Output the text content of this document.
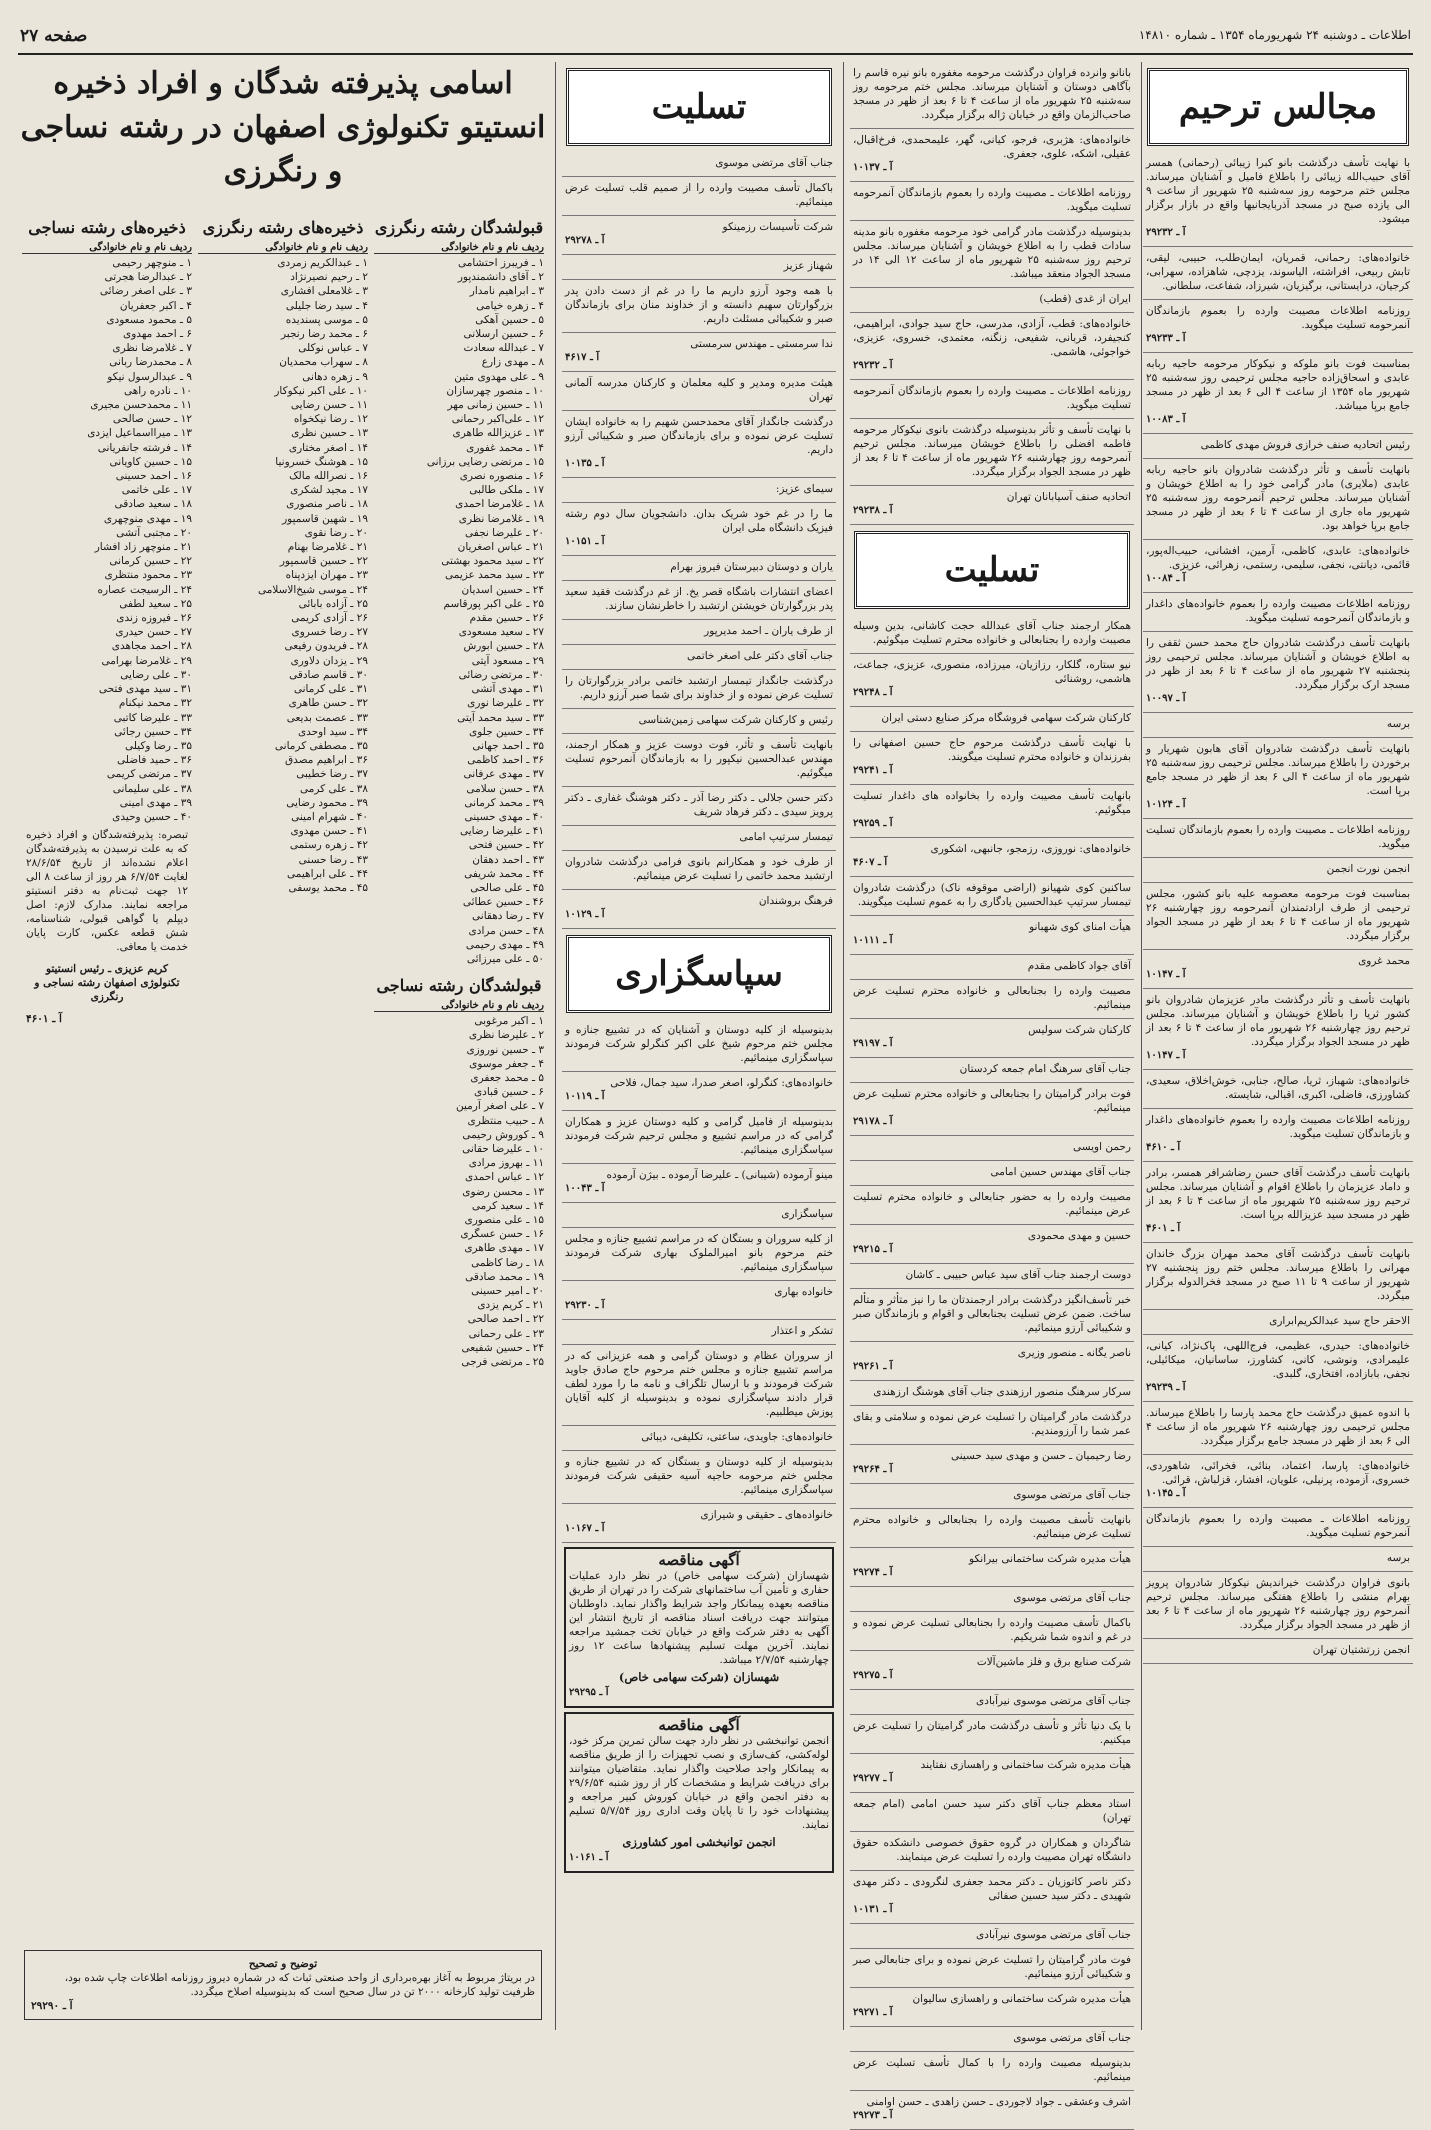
اطلاعات ـ دوشنبه ۲۴ شهریورماه ۱۳۵۴ ـ شماره ۱۴۸۱۰
صفحه ۲۷
مجالس ترحیم
با نهایت تأسف درگذشت بانو کبرا زیبائی (رحمانی) همسر آقای حبیب‌الله زیبائی را باطلاع فامیل و آشنایان میرساند. مجلس ختم مرحومه روز سه‌شنبه ۲۵ شهریور از ساعت ۹ الی یازده صبح در مسجد آذربایجانیها واقع در بازار برگزار میشود.
آ ـ ۲۹۲۳۲
خانواده‌های: رحمانی، قمریان، ایمان‌طلب، حبیبی، لیقی، تابش ربیعی، افراشته، الیاسوند، یزدچی، شاهزاده، سهرابی، کرجیان، درایستانی، برگیزیان، شیرزاد، شفاعت، سلطانی.
روزنامه اطلاعات مصیبت وارده را بعموم بازماندگان آنمرحومه تسلیت میگوید.
آ ـ ۲۹۲۳۳
بمناسبت فوت بانو ملوکه و نیکوکار مرحومه حاجیه ربابه عابدی و اسحاق‌زاده حاجیه مجلس ترحیمی روز سه‌شنبه ۲۵ شهریور ماه ۱۳۵۴ از ساعت ۴ الی ۶ بعد از ظهر در مسجد جامع برپا میباشد.
آ ـ ۱۰۰۸۳
رئیس اتحادیه صنف خرازی فروش مهدی کاظمی
بانهایت تأسف و تأثر درگذشت شادروان بانو حاجیه ربابه عابدی (ملایری) مادر گرامی خود را به اطلاع خویشان و آشنایان میرساند. مجلس ترحیم آنمرحومه روز سه‌شنبه ۲۵ شهریور ماه جاری از ساعت ۴ تا ۶ بعد از ظهر در مسجد جامع برپا خواهد بود.
خانواده‌های: عابدی، کاظمی، آرمین، افشانی، حبیب‌اله‌پور، قائمی، دیانتی، نجفی، سلیمی، رستمی، زهرائی، عزیزی.
آ ـ ۱۰۰۸۴
روزنامه اطلاعات مصیبت وارده را بعموم خانواده‌های داغدار و بازماندگان آنمرحومه تسلیت میگوید.
بانهایت تأسف درگذشت شادروان حاج محمد حسن ثقفی را به اطلاع خویشان و آشنایان میرساند. مجلس ترحیمی روز پنجشنبه ۲۷ شهریور ماه از ساعت ۴ تا ۶ بعد از ظهر در مسجد ارک برگزار میگردد.
آ ـ ۱۰۰۹۷
برسه
بانهایت تأسف درگذشت شادروان آقای هابون شهریار و برخوردن را باطلاع میرساند. مجلس ترحیمی روز سه‌شنبه ۲۵ شهریور ماه از ساعت ۴ الی ۶ بعد از ظهر در مسجد جامع برپا است.
آ ـ ۱۰۱۲۴
روزنامه اطلاعات ـ مصیبت وارده را بعموم بازماندگان تسلیت میگوید.
انجمن نورت انجمن
بمناسبت فوت مرحومه معصومه علیه بانو کشور، مجلس ترحیمی از طرف ارادتمندان آنمرحومه روز چهارشنبه ۲۶ شهریور ماه از ساعت ۴ تا ۶ بعد از ظهر در مسجد الجواد برگزار میگردد.
محمد غروی
آ ـ ۱۰۱۴۷
بانهایت تأسف و تأثر درگذشت مادر عزیزمان شادروان بانو کشور ثریا را باطلاع خویشان و آشنایان میرساند. مجلس ترحیم روز چهارشنبه ۲۶ شهریور ماه از ساعت ۴ تا ۶ بعد از ظهر در مسجد الجواد برگزار میگردد.
آ ـ ۱۰۱۴۷
خانواده‌های: شهباز، ثریا، صالح، جنابی، خوش‌اخلاق، سعیدی، کشاورزی، فاضلی، اکبری، اقبالی، شایسته.
روزنامه اطلاعات مصیبت وارده را بعموم خانواده‌های داغدار و بازماندگان تسلیت میگوید.
آ ـ ۴۶۱۰
بانهایت تأسف درگذشت آقای حسن رضاشرافر همسر، برادر و داماد عزیزمان را باطلاع اقوام و آشنایان میرساند. مجلس ترحیم روز سه‌شنبه ۲۵ شهریور ماه از ساعت ۴ تا ۶ بعد از ظهر در مسجد سید عزیزالله برپا است.
آ ـ ۴۶۰۱
بانهایت تأسف درگذشت آقای محمد مهران بزرگ خاندان مهرانی را باطلاع میرساند. مجلس ختم روز پنجشنبه ۲۷ شهریور از ساعت ۹ تا ۱۱ صبح در مسجد فخرالدوله برگزار میگردد.
الاحقر حاج سید عبدالکریم‌ابراری
خانواده‌های: حیدری، عظیمی، فرج‌اللهی، پاک‌نژاد، کیانی، علیمرادی، ونوشی، کانی، کشاورز، ساسانیان، میکائیلی، نجفی، بابازاده، افتخاری، گلبدی.
آ ـ ۲۹۲۳۹
با اندوه عمیق درگذشت حاج محمد پارسا را باطلاع میرساند. مجلس ترحیمی روز چهارشنبه ۲۶ شهریور ماه از ساعت ۴ الی ۶ بعد از ظهر در مسجد جامع برگزار میگردد.
خانواده‌های: پارسا، اعتماد، بنائی، فخرائی، شاهوردی، خسروی، آزموده، پرنیلی، علویان، افشار، قزلباش، قرائی.
آ ـ ۱۰۱۴۵
روزنامه اطلاعات ـ مصیبت وارده را بعموم بازماندگان آنمرحوم تسلیت میگوید.
برسه
بانوی فراوان درگذشت خیراندیش نیکوکار شادروان پرویز بهرام منشی را باطلاع هفتگی میرساند. مجلس ترحیم آنمرحوم روز چهارشنبه ۲۶ شهریور ماه از ساعت ۴ تا ۶ بعد از ظهر در مسجد الجواد برگزار میگردد.
انجمن زرتشتیان تهران
بانانو وانرده فراوان درگذشت مرحومه مغفوره بانو نیره قاسم را بآگاهی دوستان و آشنایان میرساند. مجلس ختم مرحومه روز سه‌شنبه ۲۵ شهریور ماه از ساعت ۴ تا ۶ بعد از ظهر در مسجد صاحب‌الزمان واقع در خیابان ژاله برگزار میگردد.
خانواده‌های: هژبری، فرجو، کیانی، گهر، علیمحمدی، فرخ‌اقبال، عقیلی، اشکه، علوی، جعفری.
آ ـ ۱۰۱۳۷
روزنامه اطلاعات ـ مصیبت وارده را بعموم بازماندگان آنمرحومه تسلیت میگوید.
بدینوسیله درگذشت مادر گرامی خود مرحومه مغفوره بانو مدینه سادات قطب را به اطلاع خویشان و آشنایان میرساند. مجلس ترحیم روز سه‌شنبه ۲۵ شهریور ماه از ساعت ۱۲ الی ۱۴ در مسجد الجواد منعقد میباشد.
ایران از غدی (قطب)
خانواده‌های: قطب، آزادی، مدرسی، حاج سید جوادی، ابراهیمی، کنجیفرد، قربانی، شفیعی، زنگنه، معتمدی، خسروی، عزیزی، خواجوئی، هاشمی.
آ ـ ۲۹۲۳۲
روزنامه اطلاعات ـ مصیبت وارده را بعموم بازماندگان آنمرحومه تسلیت میگوید.
با نهایت تأسف و تأثر بدینوسیله درگذشت بانوی نیکوکار مرحومه فاطمه افضلی را باطلاع خویشان میرساند. مجلس ترحیم آنمرحومه روز چهارشنبه ۲۶ شهریور ماه از ساعت ۴ تا ۶ بعد از ظهر در مسجد الجواد برگزار میگردد.
اتحادیه صنف آسیابانان تهران
آ ـ ۲۹۲۳۸
تسلیت
همکار ارجمند جناب آقای عبدالله حجت کاشانی، بدین وسیله مصیبت وارده را بجنابعالی و خانواده محترم تسلیت میگوئیم.
نیو ستاره، گلکار، رزازیان، میرزاده، منصوری، عزیزی، جماعت، هاشمی، روشنائی
آ ـ ۲۹۲۴۸
کارکنان شرکت سهامی فروشگاه مرکز صنایع دستی ایران
با نهایت تأسف درگذشت مرحوم حاج حسین اصفهانی را بفرزندان و خانواده محترم تسلیت میگویند.
آ ـ ۲۹۲۴۱
بانهایت تأسف مصیبت وارده را بخانواده های داغدار تسلیت میگوئیم.
آ ـ ۲۹۲۵۹
خانواده‌های: نوروزی، رزمجو، جانبهی، اشکوری
آ ـ ۴۶۰۷
ساکنین کوی شهیانو (اراضی موقوفه ناک) درگذشت شادروان تیمسار سرتیپ عبدالحسین یادگاری را به عموم تسلیت میگویند.
هیأت امنای کوی شهبانو
آ ـ ۱۰۱۱۱
آقای جواد کاظمی مقدم
مصیبت وارده را بجنابعالی و خانواده محترم تسلیت عرض مینمائیم.
کارکنان شرکت سولیس
آ ـ ۲۹۱۹۷
جناب آقای سرهنگ امام جمعه کردستان
فوت برادر گرامیتان را بجنابعالی و خانواده محترم تسلیت عرض مینمائیم.
آ ـ ۲۹۱۷۸
رحمن اویسی
جناب آقای مهندس حسین امامی
مصیبت وارده را به حضور جنابعالی و خانواده محترم تسلیت عرض مینمائیم.
حسین و مهدی محمودی
آ ـ ۲۹۲۱۵
دوست ارجمند جناب آقای سید عباس حبیبی ـ کاشان
خبر تأسف‌انگیز درگذشت برادر ارجمندتان ما را نیز متأثر و متألم ساخت. ضمن عرض تسلیت بجنابعالی و اقوام و بازماندگان صبر و شکیبائی آرزو مینمائیم.
ناصر یگانه ـ منصور وزیری
آ ـ ۲۹۲۶۱
سرکار سرهنگ منصور ارزهندی جناب آقای هوشنگ ارزهندی
درگذشت مادر گرامیتان را تسلیت عرض نموده و سلامتی و بقای عمر شما را آرزومندیم.
رضا رحیمیان ـ حسن و مهدی سید حسینی
آ ـ ۲۹۲۶۴
جناب آقای مرتضی موسوی
بانهایت تأسف مصیبت وارده را بجنابعالی و خانواده محترم تسلیت عرض مینمائیم.
هیأت مدیره شرکت ساختمانی بیرانکو
آ ـ ۲۹۲۷۴
جناب آقای مرتضی موسوی
باکمال تأسف مصیبت وارده را بجنابعالی تسلیت عرض نموده و در غم و اندوه شما شریکیم.
شرکت صنایع برق و فلز ماشین‌آلات
آ ـ ۲۹۲۷۵
جناب آقای مرتضی موسوی نیرآبادی
با یک دنیا تأثر و تأسف درگذشت مادر گرامیتان را تسلیت عرض میکنیم.
هیأت مدیره شرکت ساختمانی و راهسازی نفتایند
آ ـ ۲۹۲۷۷
استاد معظم جناب آقای دکتر سید حسن امامی (امام جمعه تهران)
شاگردان و همکاران در گروه حقوق خصوصی دانشکده حقوق دانشگاه تهران مصیبت وارده را تسلیت عرض مینمایند.
دکتر ناصر کاتوزیان ـ دکتر محمد جعفری لنگرودی ـ دکتر مهدی شهیدی ـ دکتر سید حسین صفائی
آ ـ ۱۰۱۳۱
جناب آقای مرتضی موسوی نیرآبادی
فوت مادر گرامیتان را تسلیت عرض نموده و برای جنابعالی صبر و شکیبائی آرزو مینمائیم.
هیأت مدیره شرکت ساختمانی و راهسازی سالیوان
آ ـ ۲۹۲۷۱
جناب آقای مرتضی موسوی
بدینوسیله مصیبت وارده را با کمال تأسف تسلیت عرض مینمائیم.
اشرف وعشقی ـ جواد لاجوردی ـ حسن زاهدی ـ حسن اوامنی
آ ـ ۲۹۲۷۳
تسلیت
جناب آقای مرتضی موسوی
باکمال تأسف مصیبت وارده را از صمیم قلب تسلیت عرض مینمائیم.
شرکت تأسیسات رزمینکو
آ ـ ۲۹۲۷۸
شهناز عزیز
با همه وجود آرزو داریم ما را در غم از دست دادن پدر بزرگوارتان سهیم دانسته و از خداوند منان برای بازماندگان صبر و شکیبائی مسئلت داریم.
ندا سرمستی ـ مهندس سرمستی
آ ـ ۴۶۱۷
هیئت مدیره ومدیر و کلیه معلمان و کارکنان مدرسه آلمانی تهران
درگذشت جانگداز آقای محمدحسن شهیم را به خانواده ایشان تسلیت عرض نموده و برای بازماندگان صبر و شکیبائی آرزو داریم.
آ ـ ۱۰۱۳۵
سیمای عزیز:
ما را در غم خود شریک بدان. دانشجویان سال دوم رشته فیزیک دانشگاه ملی ایران
آ ـ ۱۰۱۵۱
یاران و دوستان دبیرستان فیروز بهرام
اعضای انتشارات باشگاه قصر یخ. از غم درگذشت فقید سعید پدر بزرگوارتان خویشتن ارتشبد را خاطرنشان سازند.
از طرف یاران ـ احمد مدیرپور
جناب آقای دکتر علی اصغر خاتمی
درگذشت جانگداز تیمسار ارتشبد خاتمی برادر بزرگوارتان را تسلیت عرض نموده و از خداوند برای شما صبر آرزو داریم.
رئیس و کارکنان شرکت سهامی زمین‌شناسی
بانهایت تأسف و تأثر، فوت دوست عزیز و همکار ارجمند، مهندس عبدالحسین نیکپور را به بازماندگان آنمرحوم تسلیت میگوئیم.
دکتر حسن جلالی ـ دکتر رضا آذر ـ دکتر هوشنگ غفاری ـ دکتر پرویز سیدی ـ دکتر فرهاد شریف
تیمسار سرتیپ امامی
از طرف خود و همکارانم بانوی فرامی درگذشت شادروان ارتشبد محمد خاتمی را تسلیت عرض مینمائیم.
فرهنگ بروشندان
آ ـ ۱۰۱۲۹
سپاسگزاری
بدینوسیله از کلیه دوستان و آشنایان که در تشییع جنازه و مجلس ختم مرحوم شیخ علی اکبر کنگرلو شرکت فرمودند سپاسگزاری مینمائیم.
خانواده‌های: کنگرلو، اصغر صدرا، سید جمال، فلاحی
آ ـ ۱۰۱۱۹
بدینوسیله از فامیل گرامی و کلیه دوستان عزیز و همکاران گرامی که در مراسم تشییع و مجلس ترحیم شرکت فرمودند سپاسگزاری مینمائیم.
مینو آرموده (شیبانی) ـ علیرضا آرموده ـ بیژن آرموده
آ ـ ۱۰۰۴۳
سپاسگزاری
از کلیه سروران و بستگان که در مراسم تشییع جنازه و مجلس ختم مرحوم بانو امیرالملوک بهاری شرکت فرمودند سپاسگزاری مینمائیم.
خانواده بهاری
آ ـ ۲۹۲۳۰
تشکر و اعتذار
از سروران عظام و دوستان گرامی و همه عزیزانی که در مراسم تشییع جنازه و مجلس ختم مرحوم حاج صادق جاوید شرکت فرمودند و با ارسال تلگراف و نامه ما را مورد لطف قرار دادند سپاسگزاری نموده و بدینوسیله از کلیه آقایان پوزش میطلبیم.
خانواده‌های: جاویدی، ساعتی، تکلیفی، دیبائی
بدینوسیله از کلیه دوستان و بستگان که در تشییع جنازه و مجلس ختم مرحومه حاجیه آسیه حقیقی شرکت فرمودند سپاسگزاری مینمائیم.
خانواده‌های ـ حقیقی و شیرازی
آ ـ ۱۰۱۶۷
آگهی مناقصه
شهسازان (شرکت سهامی خاص) در نظر دارد عملیات حفاری و تأمین آب ساختمانهای شرکت را در تهران از طریق مناقصه بعهده پیمانکار واجد شرایط واگذار نماید. داوطلبان میتوانند جهت دریافت اسناد مناقصه از تاریخ انتشار این آگهی به دفتر شرکت واقع در خیابان تخت جمشید مراجعه نمایند. آخرین مهلت تسلیم پیشنهادها ساعت ۱۲ روز چهارشنبه ۲/۷/۵۴ میباشد.
شهسازان (شرکت سهامی خاص)
آ ـ ۲۹۲۹۵
آگهی مناقصه
انجمن توانبخشی در نظر دارد جهت سالن تمرین مرکز خود، لوله‌کشی، کف‌سازی و نصب تجهیزات را از طریق مناقصه به پیمانکار واجد صلاحیت واگذار نماید. متقاضیان میتوانند برای دریافت شرایط و مشخصات کار از روز شنبه ۲۹/۶/۵۴ به دفتر انجمن واقع در خیابان کوروش کبیر مراجعه و پیشنهادات خود را تا پایان وقت اداری روز ۵/۷/۵۴ تسلیم نمایند.
انجمن توانبخشی امور کشاورزی
آ ـ ۱۰۱۶۱
اسامی پذیرفته شدگان و افراد ذخیره انستیتو تکنولوژی اصفهان در رشته نساجی و رنگرزی
قبولشدگان رشته رنگرزی
ردیف نام و نام خانوادگی
۱ ـ فریبرز احتشامی
۲ ـ آقای دانشمندپور
۳ ـ ابراهیم نامدار
۴ ـ زهره خیامی
۵ ـ حسین آهکی
۶ ـ حسین ارسلانی
۷ ـ عبدالله سعادت
۸ ـ مهدی زارع
۹ ـ علی مهدوی متین
۱۰ ـ منصور چهرسازان
۱۱ ـ حسین زمانی مهر
۱۲ ـ علی‌اکبر رحمانی
۱۳ ـ عزیزالله طاهری
۱۴ ـ محمد غفوری
۱۵ ـ مرتضی رضایی برزانی
۱۶ ـ منصوره نصری
۱۷ ـ ملکی طالبی
۱۸ ـ غلامرضا احمدی
۱۹ ـ غلامرضا نظری
۲۰ ـ علیرضا نجفی
۲۱ ـ عباس اصغریان
۲۲ ـ سید محمود بهشتی
۲۳ ـ سید محمد عزیمی
۲۴ ـ حسین اسدیان
۲۵ ـ علی اکبر پورقاسم
۲۶ ـ حسین مقدم
۲۷ ـ سعید مسعودی
۲۸ ـ حسین ابورش
۲۹ ـ مسعود آیتی
۳۰ ـ مرتضی رضائی
۳۱ ـ مهدی آتشی
۳۲ ـ علیرضا نوری
۳۳ ـ سید محمد آیتی
۳۴ ـ حسین جلوی
۳۵ ـ احمد جهانی
۳۶ ـ احمد کاظمی
۳۷ ـ مهدی عرفانی
۳۸ ـ حسن سلامی
۳۹ ـ محمد کرمانی
۴۰ ـ مهدی حسینی
۴۱ ـ علیرضا رضایی
۴۲ ـ حسین فتحی
۴۳ ـ احمد دهقان
۴۴ ـ محمد شریفی
۴۵ ـ علی صالحی
۴۶ ـ حسین عطائی
۴۷ ـ رضا دهقانی
۴۸ ـ حسن مرادی
۴۹ ـ مهدی رحیمی
۵۰ ـ علی میرزائی
قبولشدگان رشته نساجی
ردیف نام و نام خانوادگی
۱ ـ اکبر مرغوبی
۲ ـ علیرضا نظری
۳ ـ حسین نوروزی
۴ ـ جعفر موسوی
۵ ـ محمد جعفری
۶ ـ حسین قبادی
۷ ـ علی اصغر آرمین
۸ ـ حبیب منتظری
۹ ـ کوروش رحیمی
۱۰ ـ علیرضا حقانی
۱۱ ـ بهروز مرادی
۱۲ ـ عباس احمدی
۱۳ ـ محسن رضوی
۱۴ ـ سعید کرمی
۱۵ ـ علی منصوری
۱۶ ـ حسن عسگری
۱۷ ـ مهدی طاهری
۱۸ ـ رضا کاظمی
۱۹ ـ محمد صادقی
۲۰ ـ امیر حسینی
۲۱ ـ کریم یزدی
۲۲ ـ احمد صالحی
۲۳ ـ علی رحمانی
۲۴ ـ حسین شفیعی
۲۵ ـ مرتضی فرجی
ذخیره‌های رشته رنگرزی
ردیف نام و نام خانوادگی
۱ ـ عبدالکریم زمردی
۲ ـ رحیم نصیرنژاد
۳ ـ غلامعلی افشاری
۴ ـ سید رضا جلیلی
۵ ـ موسی پسندیده
۶ ـ محمد رضا رنجبر
۷ ـ عباس نوکلی
۸ ـ سهراب محمدیان
۹ ـ زهره دهانی
۱۰ ـ علی اکبر نیکوکار
۱۱ ـ حسن رضایی
۱۲ ـ رضا نیکخواه
۱۳ ـ حسین نظری
۱۴ ـ اصغر مختاری
۱۵ ـ هوشنگ خسرونیا
۱۶ ـ نصرالله مالک
۱۷ ـ مجید لشکری
۱۸ ـ ناصر منصوری
۱۹ ـ شهین قاسمپور
۲۰ ـ رضا نقوی
۲۱ ـ غلامرضا بهنام
۲۲ ـ حسین قاسمپور
۲۳ ـ مهران ایزدپناه
۲۴ ـ موسی شیخ‌الاسلامی
۲۵ ـ آزاده بابائی
۲۶ ـ آزادی کریمی
۲۷ ـ رضا خسروی
۲۸ ـ فریدون رفیعی
۲۹ ـ یزدان دلاوری
۳۰ ـ قاسم صادقی
۳۱ ـ علی کرمانی
۳۲ ـ حسن طاهری
۳۳ ـ عصمت بدیعی
۳۴ ـ سید اوحدی
۳۵ ـ مصطفی کرمانی
۳۶ ـ ابراهیم مصدق
۳۷ ـ رضا خطیبی
۳۸ ـ علی کرمی
۳۹ ـ محمود رضایی
۴۰ ـ شهرام امینی
۴۱ ـ حسن مهدوی
۴۲ ـ زهره رستمی
۴۳ ـ رضا حسنی
۴۴ ـ علی ابراهیمی
۴۵ ـ محمد یوسفی
ذخیره‌های رشته نساجی
ردیف نام و نام خانوادگی
۱ ـ منوچهر رحیمی
۲ ـ عبدالرضا هجرتی
۳ ـ علی اصغر رضائی
۴ ـ اکبر جعفریان
۵ ـ محمود مسعودی
۶ ـ احمد مهدوی
۷ ـ غلامرضا نظری
۸ ـ محمدرضا ربانی
۹ ـ عبدالرسول نیکو
۱۰ ـ نادره راهی
۱۱ ـ محمدحسن مجیری
۱۲ ـ حسن صالحی
۱۳ ـ میرااسماعیل ایزدی
۱۴ ـ فرشته جانفریانی
۱۵ ـ حسین کاویانی
۱۶ ـ احمد حسینی
۱۷ ـ علی خاتمی
۱۸ ـ سعید صادقی
۱۹ ـ مهدی منوچهری
۲۰ ـ مجتبی آتشی
۲۱ ـ منوچهر زاد افشار
۲۲ ـ حسین کرمانی
۲۳ ـ محمود منتظری
۲۴ ـ الرسیجت عصاره
۲۵ ـ سعید لطفی
۲۶ ـ فیروزه زندی
۲۷ ـ حسن حیدری
۲۸ ـ احمد مجاهدی
۲۹ ـ غلامرضا بهرامی
۳۰ ـ علی رضایی
۳۱ ـ سید مهدی فتحی
۳۲ ـ محمد نیکنام
۳۳ ـ علیرضا کاتبی
۳۴ ـ حسین رجائی
۳۵ ـ رضا وکیلی
۳۶ ـ حمید فاضلی
۳۷ ـ مرتضی کریمی
۳۸ ـ علی سلیمانی
۳۹ ـ مهدی امینی
۴۰ ـ حسین وحیدی
تبصره: پذیرفته‌شدگان و افراد ذخیره که به علت نرسیدن به پذیرفته‌شدگان اعلام نشده‌اند از تاریخ ۲۸/۶/۵۴ لغایت ۶/۷/۵۴ هر روز از ساعت ۸ الی ۱۲ جهت ثبت‌نام به دفتر انستیتو مراجعه نمایند. مدارک لازم: اصل دیپلم یا گواهی قبولی، شناسنامه، شش قطعه عکس، کارت پایان خدمت یا معافی.
کریم عزیزی ـ رئیس انستیتو تکنولوژی اصفهان رشته نساجی و رنگرزی
آ ـ ۴۶۰۱
توضیح و تصحیح
در بریتاژ مربوط به آغاز بهره‌برداری از واحد صنعتی ثبات که در شماره دیروز روزنامه اطلاعات چاپ شده بود، ظرفیت تولید کارخانه ۲۰۰۰ تن در سال صحیح است که بدینوسیله اصلاح میگردد.
آ ـ ۲۹۲۹۰
